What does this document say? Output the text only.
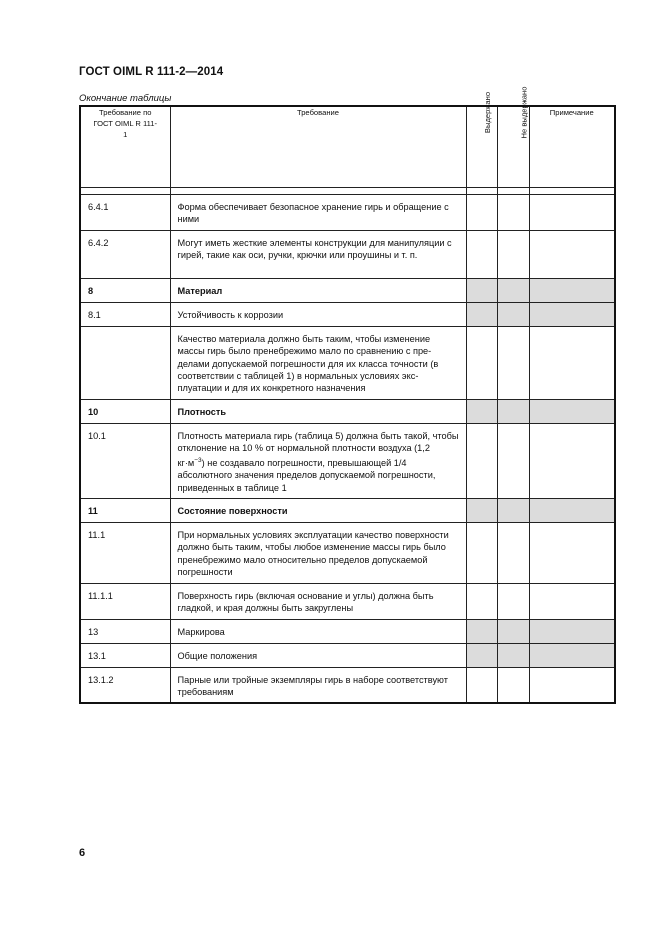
ГОСТ OIML R 111-2—2014
Окончание таблицы
Требование по ГОСТ OIML R 111-1	Требование	Выдержано	Не выдержано	Примечание

6.4.1	Форма обеспечивает безопасное хранение гирь и обращение с ними			
6.4.2	Могут иметь жесткие элементы конструкции для манипуляции с гирей, такие как оси, ручки, крючки или проушины и т. п.			
8	Материал			
8.1	Устойчивость к коррозии			
	Качество материала должно быть таким, чтобы изменение массы гирь было пренебрежимо мало по сравнению с пределами допускаемой погрешности для их класса точности (в соответствии с таблицей 1) в нормальных условиях эксплуатации и для их конкретного назначения			
10	Плотность			
10.1	Плотность материала гирь (таблица 5) должна быть такой, чтобы отклонение на 10 % от нормальной плотности воздуха (1,2 $кг\cdot м^{-3}$) не создавало погрешности, превышающей 1/4 абсолютного значения пределов допускаемой погрешности, приведенных в таблице 1			
11	Состояние поверхности			
11.1	При нормальных условиях эксплуатации качество поверхности должно быть таким, чтобы любое изменение массы гирь было пренебрежимо мало относительно пределов допускаемой погрешности			
11.1.1	Поверхность гирь (включая основание и углы) должна быть гладкой, и края должны быть закруглены			
13	Маркирова			
13.1	Общие положения			
13.1.2	Парные или тройные экземпляры гирь в наборе соответствуют требованиям			
6
